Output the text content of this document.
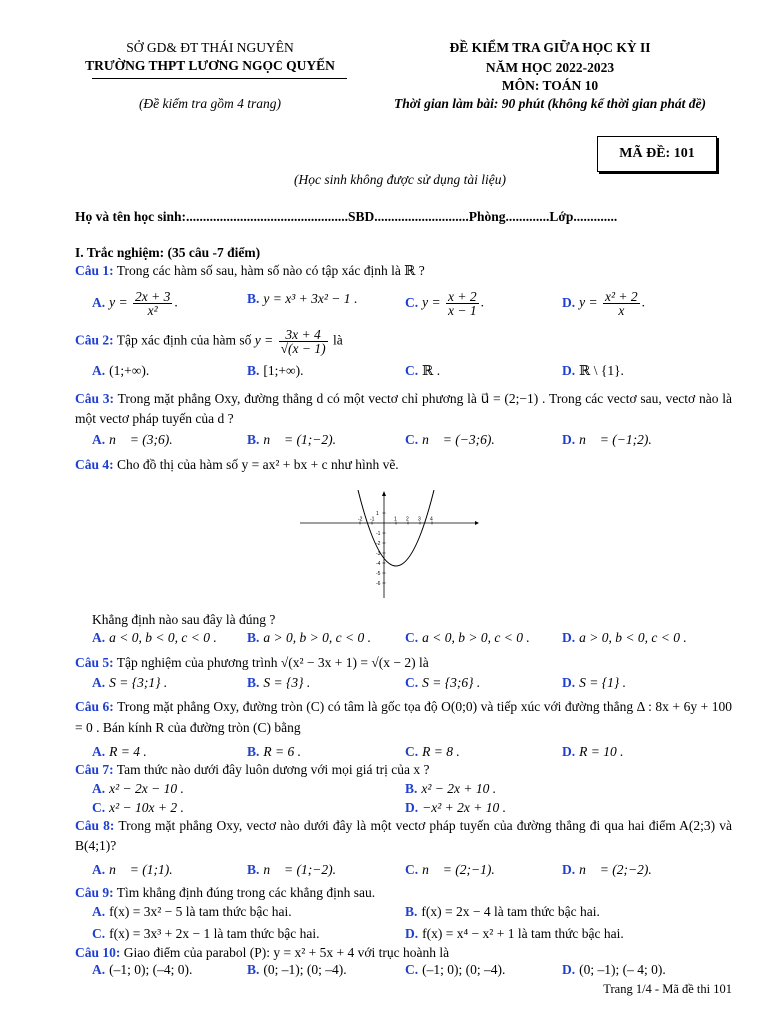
SỞ GD& ĐT THÁI NGUYÊN
TRƯỜNG THPT LƯƠNG NGỌC QUYẾN
(Đề kiểm tra gồm 4 trang)
ĐỀ KIỂM TRA GIỮA HỌC KỲ II
NĂM HỌC 2022-2023
MÔN: TOÁN 10
Thời gian làm bài: 90 phút (không kể thời gian phát đề)
MÃ ĐỀ: 101
(Học sinh không được sử dụng tài liệu)
Họ và tên học sinh:................................................SBD............................Phòng.............Lớp.............
I. Trắc nghiệm: (35 câu -7 điểm)
Câu 1: Trong các hàm số sau, hàm số nào có tập xác định là ℝ ?
A. $y = \frac{2x + 3}{\text{x²}}$ .	B. y = x³ + 3x² − 1 .	C. $y = \frac{x + 2}{x - 1}$ .	D. $y = \frac{\text{x² + 2}}{x}$ .
Câu 2: Tập xác định của hàm số $y = \frac{3x + 4}{√(x - 1)}$ là
A. (1;+∞).	B. [1;+∞).	C. ℝ .	D. ℝ \ {1}.
Câu 3: Trong mặt phẳng Oxy, đường thẳng d có một vectơ chỉ phương là u⃗ = (2;−1) . Trong các vectơ sau, vectơ nào là một vectơ pháp tuyến của d ?
A. n⃗ = (3;6).	B. n⃗ = (1;−2).	C. n⃗ = (−3;6).	D. n⃗ = (−1;2).
Câu 4: Cho đồ thị của hàm số y = ax² + bx + c như hình vẽ.
-2 -1	1 2 3 4
1
-1
-2
-3
-4
-5
-6
Khẳng định nào sau đây là đúng ?
A. a < 0, b < 0, c < 0 . B. a > 0, b > 0, c < 0 .	C. a < 0, b > 0, c < 0 . D. a > 0, b < 0, c < 0 .
Câu 5: Tập nghiệm của phương trình √(x² − 3x + 1) = √(x − 2) là
A. S = {3;1} .	B. S = {3} .	C. S = {3;6} .	D. S = {1} .
Câu 6: Trong mặt phẳng Oxy, đường tròn (C) có tâm là gốc tọa độ O(0;0) và tiếp xúc với đường thẳng Δ : 8x + 6y + 100 = 0 . Bán kính R của đường tròn (C) bằng
A. R = 4 .	B. R = 6 .	C. R = 8 .	D. R = 10 .
Câu 7: Tam thức nào dưới đây luôn dương với mọi giá trị của x ?
A. x² − 2x − 10 .	B. x² − 2x + 10 .
C. x² − 10x + 2 .	D. −x² + 2x + 10 .
Câu 8: Trong mặt phẳng Oxy, vectơ nào dưới đây là một vectơ pháp tuyến của đường thẳng đi qua hai điểm A(2;3) và B(4;1)?
A. n⃗ = (1;1).	B. n⃗ = (1;−2).	C. n⃗ = (2;−1).	D. n⃗ = (2;−2).
Câu 9: Tìm khẳng định đúng trong các khẳng định sau.
A. f(x) = 3x² − 5 là tam thức bậc hai.	B. f(x) = 2x − 4 là tam thức bậc hai.
C. f(x) = 3x³ + 2x − 1 là tam thức bậc hai.	D. f(x) = x⁴ − x² + 1 là tam thức bậc hai.
Câu 10: Giao điểm của parabol (P): y = x² + 5x + 4 với trục hoành là
A. (–1; 0); (–4; 0).	B. (0; –1); (0; –4).	C. (–1; 0); (0; –4).	D. (0; –1); (– 4; 0).
Trang 1/4 - Mã đề thi 101
